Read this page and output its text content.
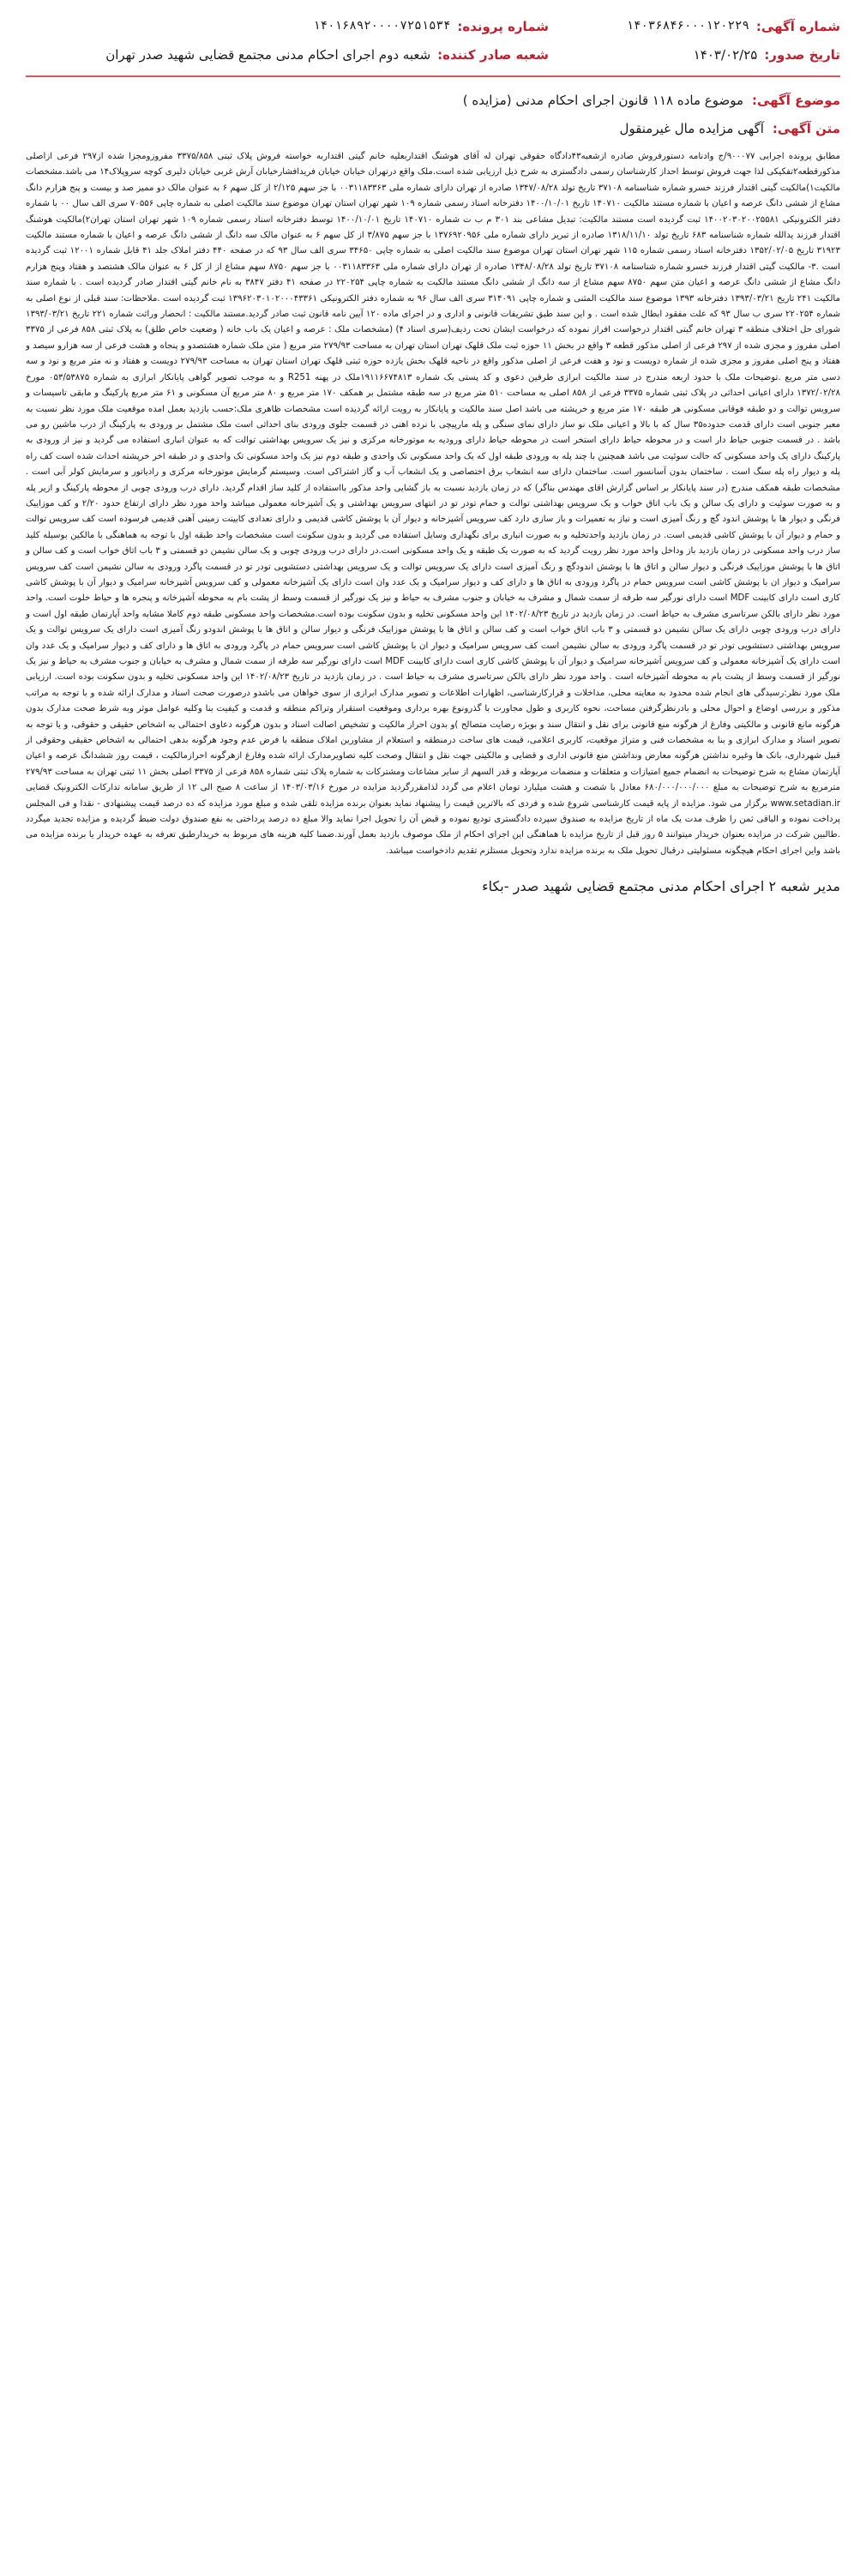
شماره آگهی:
۱۴۰۳۶۸۴۶۰۰۰۱۲۰۲۲۹
شماره پرونده:
۱۴۰۱۶۸۹۲۰۰۰۰۷۲۵۱۵۳۴
تاریخ صدور:
۱۴۰۳/۰۲/۲۵
شعبه صادر کننده:
شعبه دوم اجرای احکام مدنی مجتمع قضایی شهید صدر تهران
موضوع آگهی:
موضوع ماده ۱۱۸ قانون اجرای احکام مدنی (مزایده )
متن آگهی:
آگهی مزایده مال غیرمنقول

مطابق پرونده اجرایی ۹۰۰۰۷۷/ج وادنامه دستورفروش صادره ازشعبه۴۳دادگاه حقوقی تهران له آقای هوشنگ اقتداربعلیه خانم گیتی اقتداربه خواسته فروش پلاک ثبتی ۳۳۷۵/۸۵۸ مفروزومجزا شده از۲۹۷ فرعی ازاصلی مذکورقطعه۲تفکیکی لذا جهت فروش توسط احداز کارشناسان رسمی دادگستری به شرح ذیل ارزیابی شده است.ملک واقع درتهران خیابان خیابان فریدافشار‌خیابان آرش غربی خیابان دلیری کوچه سروپلاک۱۴ می باشد.مشخصات مالکیت۱)مالکیت گیتی اقتدار فرزند خسرو شماره شناسنامه ۳۷۱۰۸ تاریخ تولد ۱۳۴۷/۰۸/۲۸ صادره از تهران دارای شماره ملی ۰۰۳۱۱۸۳۳۶۳ با جز سهم ۲/۱۲۵ از کل سهم ۶ به عنوان مالک دو ممیز صد و بیست و پنج هزارم دانگ مشاع از ششی دانگ عرصه و اعیان با شماره مستند مالکیت ۱۴۰۷۱۰ تاریخ ۱۴۰۰/۱۰/۰۱ دفترخانه اسناد رسمی شماره ۱۰۹ شهر تهران استان تهران موضوع سند مالکیت اصلی به شماره چاپی ۷۰۵۵۶ سری الف سال ۰۰ با شماره دفتر الکترونیکی ۱۴۰۰۲۰۳۰۲۰۰۲۵۵۸۱ ثبت گردیده است مستند مالکیت: تبدیل مشاعی بند ۳۰۱ م ب ت شماره ۱۴۰۷۱۰ تاریخ ۱۴۰۰/۱۰/۰۱ توسط دفترخانه اسناد رسمی شماره ۱۰۹ شهر تهران استان تهران۲)مالکیت هوشنگ اقتدار فرزند یدالله شماره شناسنامه ۶۸۳ تاریخ تولد ۱۳۱۸/۱۱/۱۰ صادره از تبریز دارای شماره ملی ۱۳۷۶۹۲۰۹۵۶ با جز سهم ۳/۸۷۵ از کل سهم ۶ به عنوان مالک سه دانگ از ششی دانگ عرصه و اعیان با شماره مستند مالکیت ۳۱۹۲۳ تاریخ ۱۳۵۲/۰۲/۰۵ دفترخانه اسناد رسمی شماره ۱۱۵ شهر تهران استان تهران موضوع سند مالکیت اصلی به شماره چاپی ۳۴۶۵۰ سری الف سال ۹۳ که در صفحه ۴۴۰ دفتر املاک جلد ۴۱ قابل شماره ۱۲۰۰۱ ثبت گردیده است .۳- مالکیت گیتی اقتدار فرزند خسرو شماره شناسنامه ۳۷۱۰۸ تاریخ تولد ۱۳۴۸/۰۸/۲۸ صادره از تهران دارای شماره ملی ۰۰۳۱۱۸۳۳۶۳ با جز سهم ۸۷۵۰ سهم مشاع از از کل ۶ به عنوان مالک هشتصد و هفتاد وپنج هزارم دانگ مشاع از ششی دانگ عرصه و اعیان متن سهم ۸۷۵۰ سهم مشاع از سه دانگ از ششی دانگ مستند مالکیت به شماره چاپی ۲۲۰۲۵۴ در صفحه ۴۱ دفتر ۳۸۴۷ به نام خانم گیتی اقتدار صادر گردیده است . با شماره سند مالکیت ۲۴۱ تاریخ ۱۳۹۳/۰۳/۲۱ دفترخانه ۱۳۹۳ موضوع سند مالکیت المثنی و شماره چاپی ۳۱۴۰۹۱ سری الف سال ۹۶ به شماره دفتر الکترونیکی ۱۳۹۶۲۰۳۰۱۰۲۰۰۰۴۳۳۶۱ ثبت گردیده است .ملاحظات: سند قبلی از نوع اصلی به شماره ۲۲۰۲۵۴ سری ب سال ۹۳ که علت مفقود ابطال شده است . و این سند طبق تشریفات قانونی و اداری و در اجرای ماده ۱۲۰ آیین نامه قانون ثبت صادر گردید.مستند مالکیت : انحصار وراثت شماره ۲۲۱ تاریخ ۱۳۹۳/۰۳/۲۱ شورای حل اختلاف منطقه ۳ تهران خانم گیتی اقتدار درخواست افراز نموده که درخواست ایشان تحت ردیف(سری اسناد ۴) (مشخصات ملک : عرصه و اعیان یک باب خانه ( وضعیت خاص طلق) به پلاک ثبتی ۸۵۸ فرعی از ۳۳۷۵ اصلی مفروز و مجزی شده از ۲۹۷ فرعی از اصلی مذکور قطعه ۳ واقع در بخش ۱۱ حوزه ثبت ملک قلهک تهران استان تهران به مساحت ۲۷۹/۹۳ متر مربع ( متن ملک شماره هشتصدو و پنجاه و هشت فرعی از سه هزارو سیصد و هفتاد و پنج اصلی مفروز و مجزی شده از شماره دویست و نود و هفت فرعی از اصلی مذکور واقع در ناحیه قلهک بخش یازده حوزه ثبتی قلهک تهران استان تهران به مساحت ۲۷۹/۹۳ دویست و هفتاد و نه متر مربع و نود و سه دسی متر مربع .توضیحات ملک با حدود اربعه مندرج در سند مالکیت ابرازی طرفین دعوی و کد پستی یک شماره ۱۹۱۱۶۶۷۴۸۱۳ملک در پهنه R251 و به موجب تصویر گواهی پایانکار ابرازی به شماره ۰۵۳/۵۳۸۷۵ مورخ ۱۳۷۲/۰۲/۲۸ دارای اعیانی احداثی در پلاک ثبتی شماره ۳۳۷۵ فرعی از ۸۵۸ اصلی به مساحت ۵۱۰ متر مربع در سه طبقه مشتمل بر همکف ۱۷۰ متر مربع و ۸۰ متر مربع آن مسکونی و ۶۱ متر مربع پارکینگ و مابقی تاسیسات و سرویس توالت و دو طبقه فوقانی مسکونی هر طبقه ۱۷۰ متر مربع و خرپشته می باشد اصل سند مالکیت و پایانکار به رویت ارائه گردیده است مشخصات ظاهری ملک:حسب بازدید بعمل امده موقعیت ملک مورد نظر نسبت به معبر جنوبی است دارای قدمت حدوده۳۵ سال که با بالا و اعیانی ملک نو ساز دارای نمای سنگی و پله مارپیچی با نرده اهنی در قسمت جلوی ورودی بنای احداثی است ملک مشتمل بر ورودی به پارکینگ از درب ماشین رو می باشد . در قسمت جنوبی حیاط دار است و در محوطه حیاط دارای استخر است در محوطه حیاط دارای ورودیه به موتورخانه مرکزی و نیز یک سرویس بهداشتی توالت که به عنوان انباری استفاده می گردید و نیز از ورودی به پارکینگ دارای یک واحد مسکونی که حالت سوئیت می باشد همچنین با چند پله به ورودی طبقه اول که یک واحد مسکونی تک واحدی و طبقه دوم نیز یک واحد مسکونی تک واحدی و در طبقه اخر خرپشته احداث شده است کف راه پله و دیوار راه پله سنگ است . ساختمان بدون آسانسور است. ساختمان دارای سه انشعاب برق اختصاصی و یک انشعاب آب و گاز اشتراکی است. وسیستم گرمایش موتورخانه مرکزی و رادیاتور و سرمایش کولر آبی است . مشخصات طبقه همکف مندرج (در سند پایانکار بر اساس گزارش اقای مهندس بناگر) که در زمان بازدید نسبت به باز گشایی واحد مذکور بااستفاده از کلید ساز اقدام گردید. دارای درب ورودی چوبی از محوطه پارکینگ و ازیر پله و به صورت سوئیت و دارای یک سالن و یک باب اتاق خواب و یک سرویس بهداشتی توالت و حمام تودر تو در انتهای سرویس بهداشتی و یک آشپزخانه معمولی میباشد واحد مورد نظر دارای ارتفاع حدود ۲/۲۰ و کف موزاییک فرنگی و دیوار ها با پوشش اندود گچ و رنگ آمیزی است و نیاز به تعمیرات و باز سازی دارد کف سرویس آشپزخانه و دیوار آن با پوشش کاشی قدیمی و دارای تعدادی کابینت زمینی آهنی قدیمی فرسوده است کف سرویس توالت و حمام و دیوار آن با پوشش کاشی قدیمی است. در زمان بازدید واحدتخلیه و به صورت انباری برای نگهداری وسایل استفاده می گردید و بدون سکونت است مشخصات واحد طبقه اول با توجه به هماهنگی با مالکین بوسیله کلید ساز درب واحد مسکونی در زمان بازدید باز وداخل واحد مورد نظر رویت گردید که به صورت یک طبقه و یک واحد مسکونی است.در دارای درب ورودی چوبی و یک سالن نشیمن دو قسمتی و ۳ باب اتاق خواب است و کف سالن و اتاق ها با پوشش موزاییک فرنگی و دیوار سالن و اتاق ها با پوشش اندودگچ و رنگ آمیزی است دارای یک سرویس توالت و یک سرویس بهداشتی دستشویی تودر تو در قسمت پاگرد ورودی به سالن نشیمن است کف سرویس سرامیک و دیوار ان با پوشش کاشی است سرویس حمام در پاگرد ورودی به اتاق ها و دارای کف و دیوار سرامیک و یک عدد وان است دارای یک آشپزخانه معمولی و کف سرویس آشپزخانه سرامیک و دیوار آن با پوشش کاشی کاری است دارای کابینت MDF است دارای نورگیر سه طرفه از سمت شمال و مشرف به خیابان و جنوب مشرف به حیاط و نیز یک نورگیر از قسمت وسط از پشت بام به محوطه آشپزخانه و پنجره ها و حیاط خلوت است. واحد مورد نظر دارای بالکن سرتاسری مشرف به حیاط است. در زمان بازدید در تاریخ ۱۴۰۲/۰۸/۲۳ این واحد مسکونی تخلیه و بدون سکونت بوده است.مشخصات واحد مسکونی طبقه دوم کاملا مشابه واحد آپارتمان طبقه اول است و دارای درب ورودی چوبی دارای یک سالن نشیمن دو قسمتی و ۳ باب اتاق خواب است و کف سالن و اتاق ها با پوشش موزاییک فرنگی و دیوار سالن و اتاق ها با پوشش اندودو رنگ آمیزی است دارای یک سرویس توالت و یک سرویس بهداشتی دستشویی تودر تو در قسمت پاگرد ورودی به سالن نشیمن است کف سرویس سرامیک و دیوار ان با پوشش کاشی است سرویس حمام در پاگرد ورودی به اتاق ها و دارای کف و دیوار سرامیک و یک عدد وان است دارای یک آشپزخانه معمولی و کف سرویس آشپزخانه سرامیک و دیوار آن با پوشش کاشی کاری است دارای کابینت MDF است دارای نورگیر سه طرفه از سمت شمال و مشرف به خیابان و جنوب مشرف به حیاط و نیز یک نورگیر از قسمت وسط از پشت بام به محوطه آشپزخانه است . واحد مورد نظر دارای بالکن سرتاسری مشرف به حیاط است . در زمان بازدید در تاریخ ۱۴۰۲/۰۸/۲۳ این واحد مسکونی تخلیه و بدون سکونت بوده است. ارزیابی ملک مورد نظر:رسیدگی های انجام شده محدود به معاینه محلی، مداخلات و قرارکارشناسی، اظهارات اطلاعات و تصویر مدارک ابرازی از سوی خواهان می باشدو درصورت صحت اسناد و مدارک ارائه شده و با توجه به مراتب مذکور و بررسی اوضاع و احوال محلی و بادرنظرگرفتن مساحت، نحوه کاربری و طول مجاورت با گذرونوع بهره برداری وموقعیت استقرار وتراکم منطقه و قدمت و کیفیت بنا وکلیه عوامل موثر وبه شرط صحت مدارک بدون هرگونه مانع قانونی و مالکیتی وفارغ از هرگونه منع قانونی برای نقل و انتقال سند و بویژه رضایت متصالح )و بدون احراز مالکیت و تشخیص اصالت اسناد و بدون هرگونه دعاوی احتمالی به اشخاص حقیقی و حقوقی، و یا توجه به تصویر اسناد و مدارک ابرازی و بنا به مشخصات فنی و متراژ موقعیت، کاربری اعلامی، قیمت های ساخت درمنطقه و استعلام از مشاورین املاک منطقه با فرض عدم وجود هرگونه بدهی احتمالی به اشخاص حقیقی وحقوقی از قبیل شهرداری، بانک ها وغیره نداشتن هرگونه معارض ونداشتن منع قانونی اداری و قضایی و مالکیتی جهت نقل و انتقال وصحت کلیه تصاویرمدارک ارائه شده وفارغ ازهرگونه احرازمالکیت ، قیمت روز ششدانگ عرصه و اعیان آپارتمان مشاع به شرح توضیحات به انضمام جمیع امتیازات و متعلقات و منضمات مربوطه و قدر السهم از سایر مشاعات ومشترکات به شماره پلاک ثبتی شماره ۸۵۸ فرعی از ۳۳۷۵ اصلی بخش ۱۱ ثبتی تهران به مساحت ۲۷۹/۹۳ مترمربع به شرح توضیحات به مبلغ ۶۸۰/۰۰۰/۰۰۰/۰۰۰ معادل با شصت و هشت میلیارد تومان اعلام می گردد لذامقررگردید مزایده در مورخ ۱۴۰۳/۰۳/۱۶ از ساعت ۸ صبح الی ۱۲ از طریق سامانه تدارکات الکترونیک قضایی www.setadian.ir برگزار می شود. مزایده از پایه قیمت کارشناسی شروع شده و فردی که بالاترین قیمت را پیشنهاد نماید بعنوان برنده مزایده تلقی شده و مبلغ مورد مزایده که ده درصد قیمت پیشنهادی - نقدا و فی المجلس پرداخت نموده و الباقی ثمن را ظرف مدت یک ماه از تاریخ مزایده به صندوق سپرده دادگستری تودیع نموده و قبض آن را تحویل اجرا نماید والا مبلغ ده درصد پرداختی به نفع صندوق دولت ضبط گردیده و مزایده تجدید میگردد .طالبین شرکت در مزایده بعنوان خریدار میتوانند ۵ روز قبل از تاریخ مزایده با هماهنگی این اجرای احکام از ملک موصوف بازدید بعمل آورند.ضمنا کلیه هزینه های مربوط به خریدارطبق تعرفه به عهده خریدار یا برنده مزایده می باشد واین اجرای احکام هیچگونه مسئولیتی درقبال تحویل ملک به برنده مزایده ندارد وتحویل مستلزم تقدیم دادخواست میباشد.

مدیر شعبه ۲ اجرای احکام مدنی مجتمع قضایی شهید صدر -بکاء
